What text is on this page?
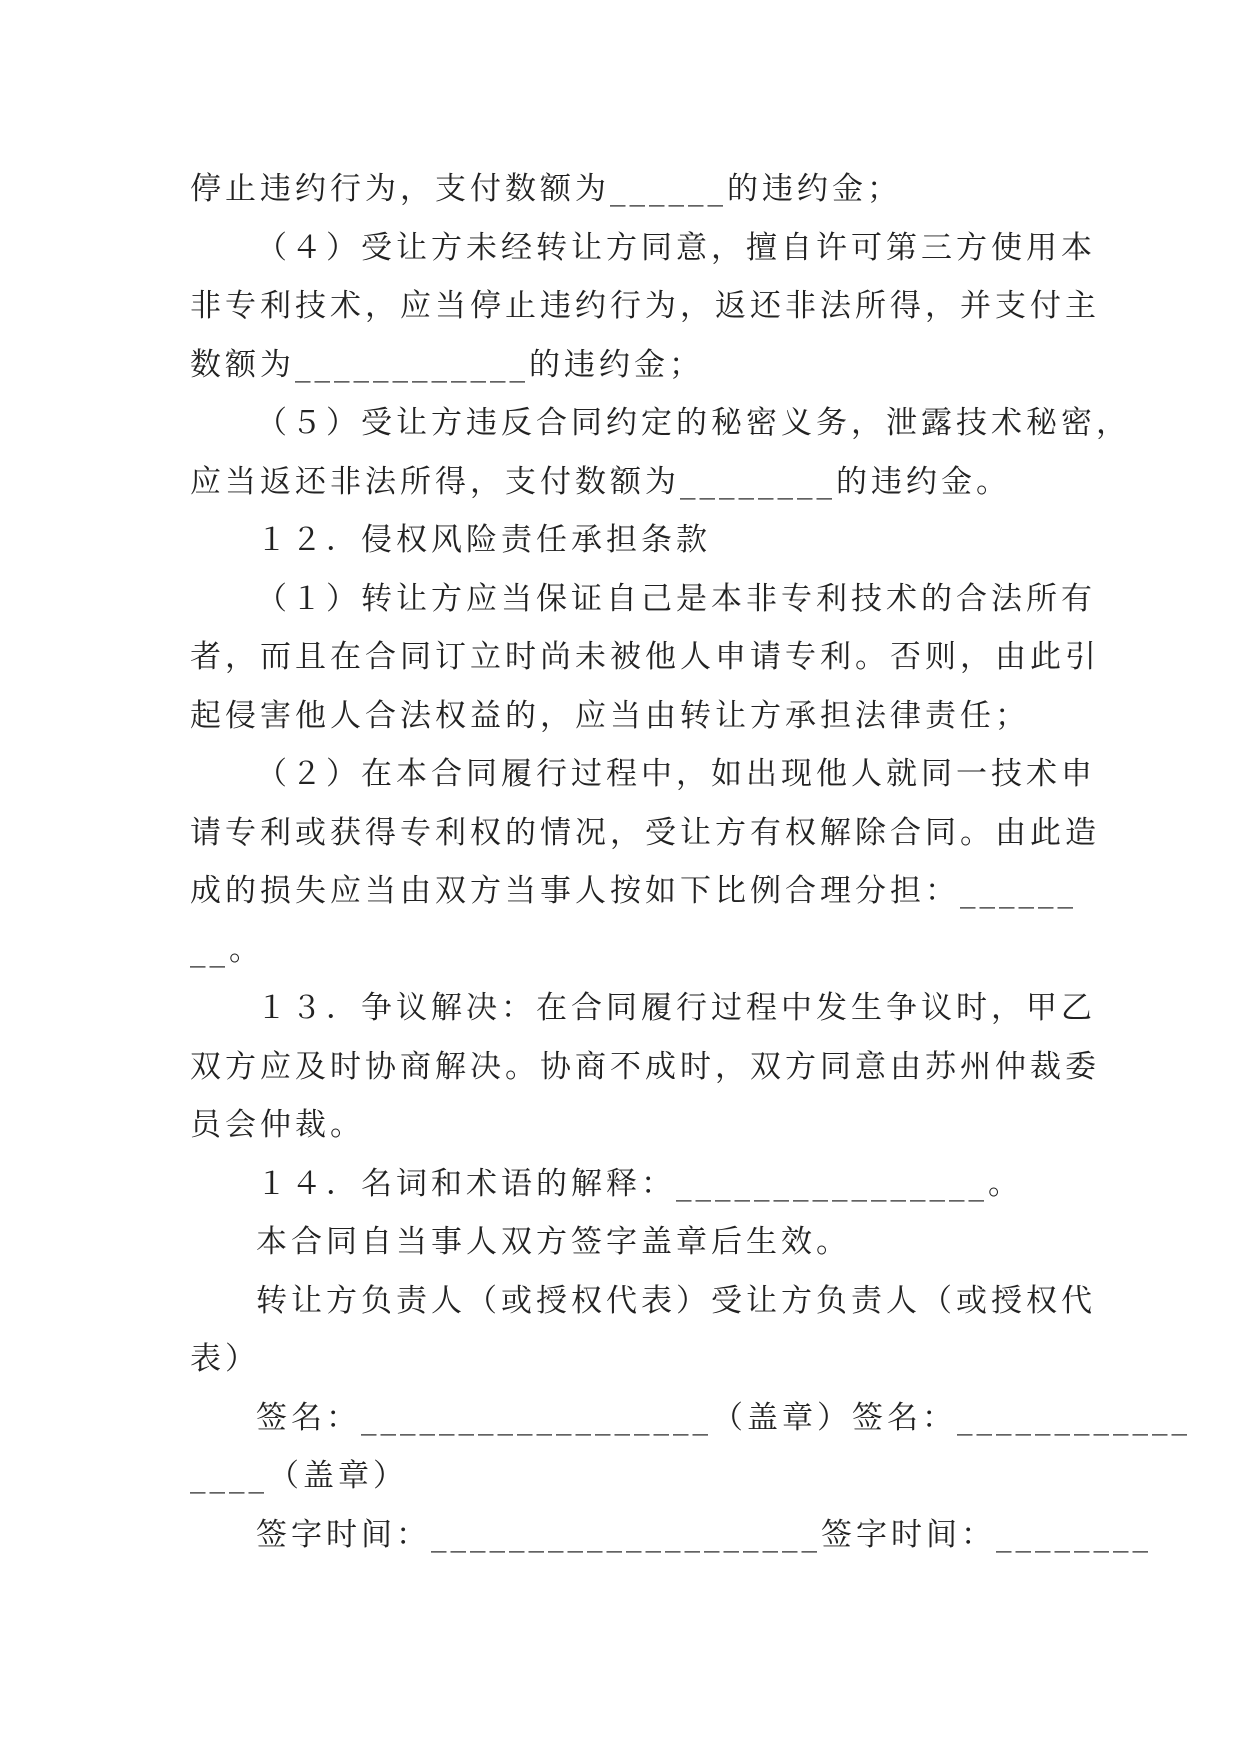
停止违约行为，支付数额为______的违约金；
（４）受让方未经转让方同意，擅自许可第三方使用本
非专利技术，应当停止违约行为，返还非法所得，并支付主
数额为____________的违约金；
（５）受让方违反合同约定的秘密义务，泄露技术秘密，
应当返还非法所得，支付数额为________的违约金。
１２．侵权风险责任承担条款
（１）转让方应当保证自己是本非专利技术的合法所有
者，而且在合同订立时尚未被他人申请专利。否则，由此引
起侵害他人合法权益的，应当由转让方承担法律责任；
（２）在本合同履行过程中，如出现他人就同一技术申
请专利或获得专利权的情况，受让方有权解除合同。由此造
成的损失应当由双方当事人按如下比例合理分担：______
__。
１３．争议解决：在合同履行过程中发生争议时，甲乙
双方应及时协商解决。协商不成时，双方同意由苏州仲裁委
员会仲裁。
１４．名词和术语的解释：________________。
本合同自当事人双方签字盖章后生效。
转让方负责人（或授权代表）受让方负责人（或授权代
表）
签名：__________________（盖章）签名：____________
____（盖章）
签字时间：____________________签字时间：________
